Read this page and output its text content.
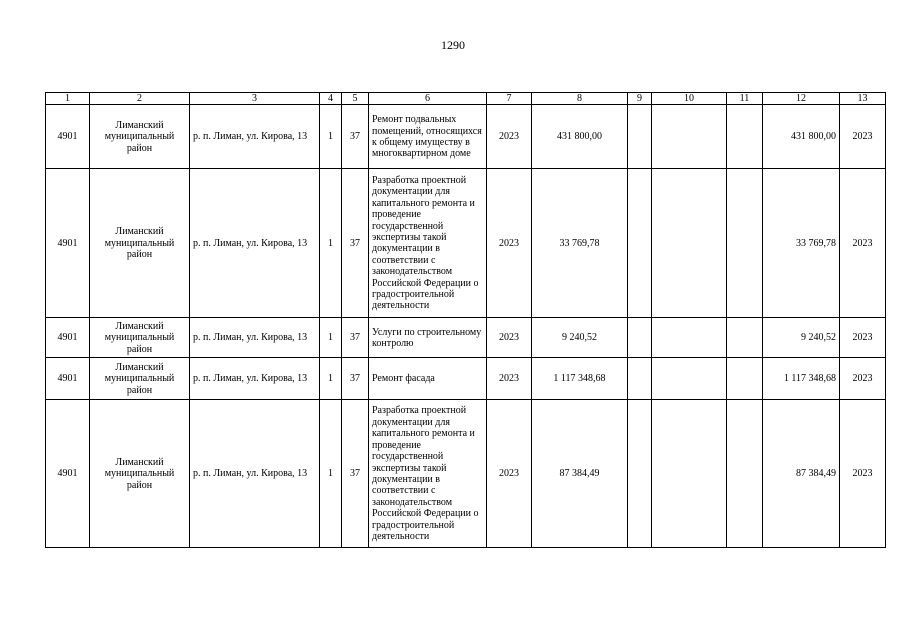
1290
1	2	3	4	5	6	7	8	9	10	11	12	13
4901	Лиманский муниципальный район	р. п. Лиман, ул. Кирова, 13	1	37	Ремонт подвальных помещений, относящихся к общему имуществу в многоквартирном доме	2023	431 800,00				431 800,00	2023
4901	Лиманский муниципальный район	р. п. Лиман, ул. Кирова, 13	1	37	Разработка проектной документации для капитального ремонта и проведение государственной экспертизы такой документации в соответствии с законодательством Российской Федерации о градостроительной деятельности	2023	33 769,78				33 769,78	2023
4901	Лиманский муниципальный район	р. п. Лиман, ул. Кирова, 13	1	37	Услуги по строительному контролю	2023	9 240,52				9 240,52	2023
4901	Лиманский муниципальный район	р. п. Лиман, ул. Кирова, 13	1	37	Ремонт фасада	2023	1 117 348,68				1 117 348,68	2023
4901	Лиманский муниципальный район	р. п. Лиман, ул. Кирова, 13	1	37	Разработка проектной документации для капитального ремонта и проведение государственной экспертизы такой документации в соответствии с законодательством Российской Федерации о градостроительной деятельности	2023	87 384,49				87 384,49	2023
